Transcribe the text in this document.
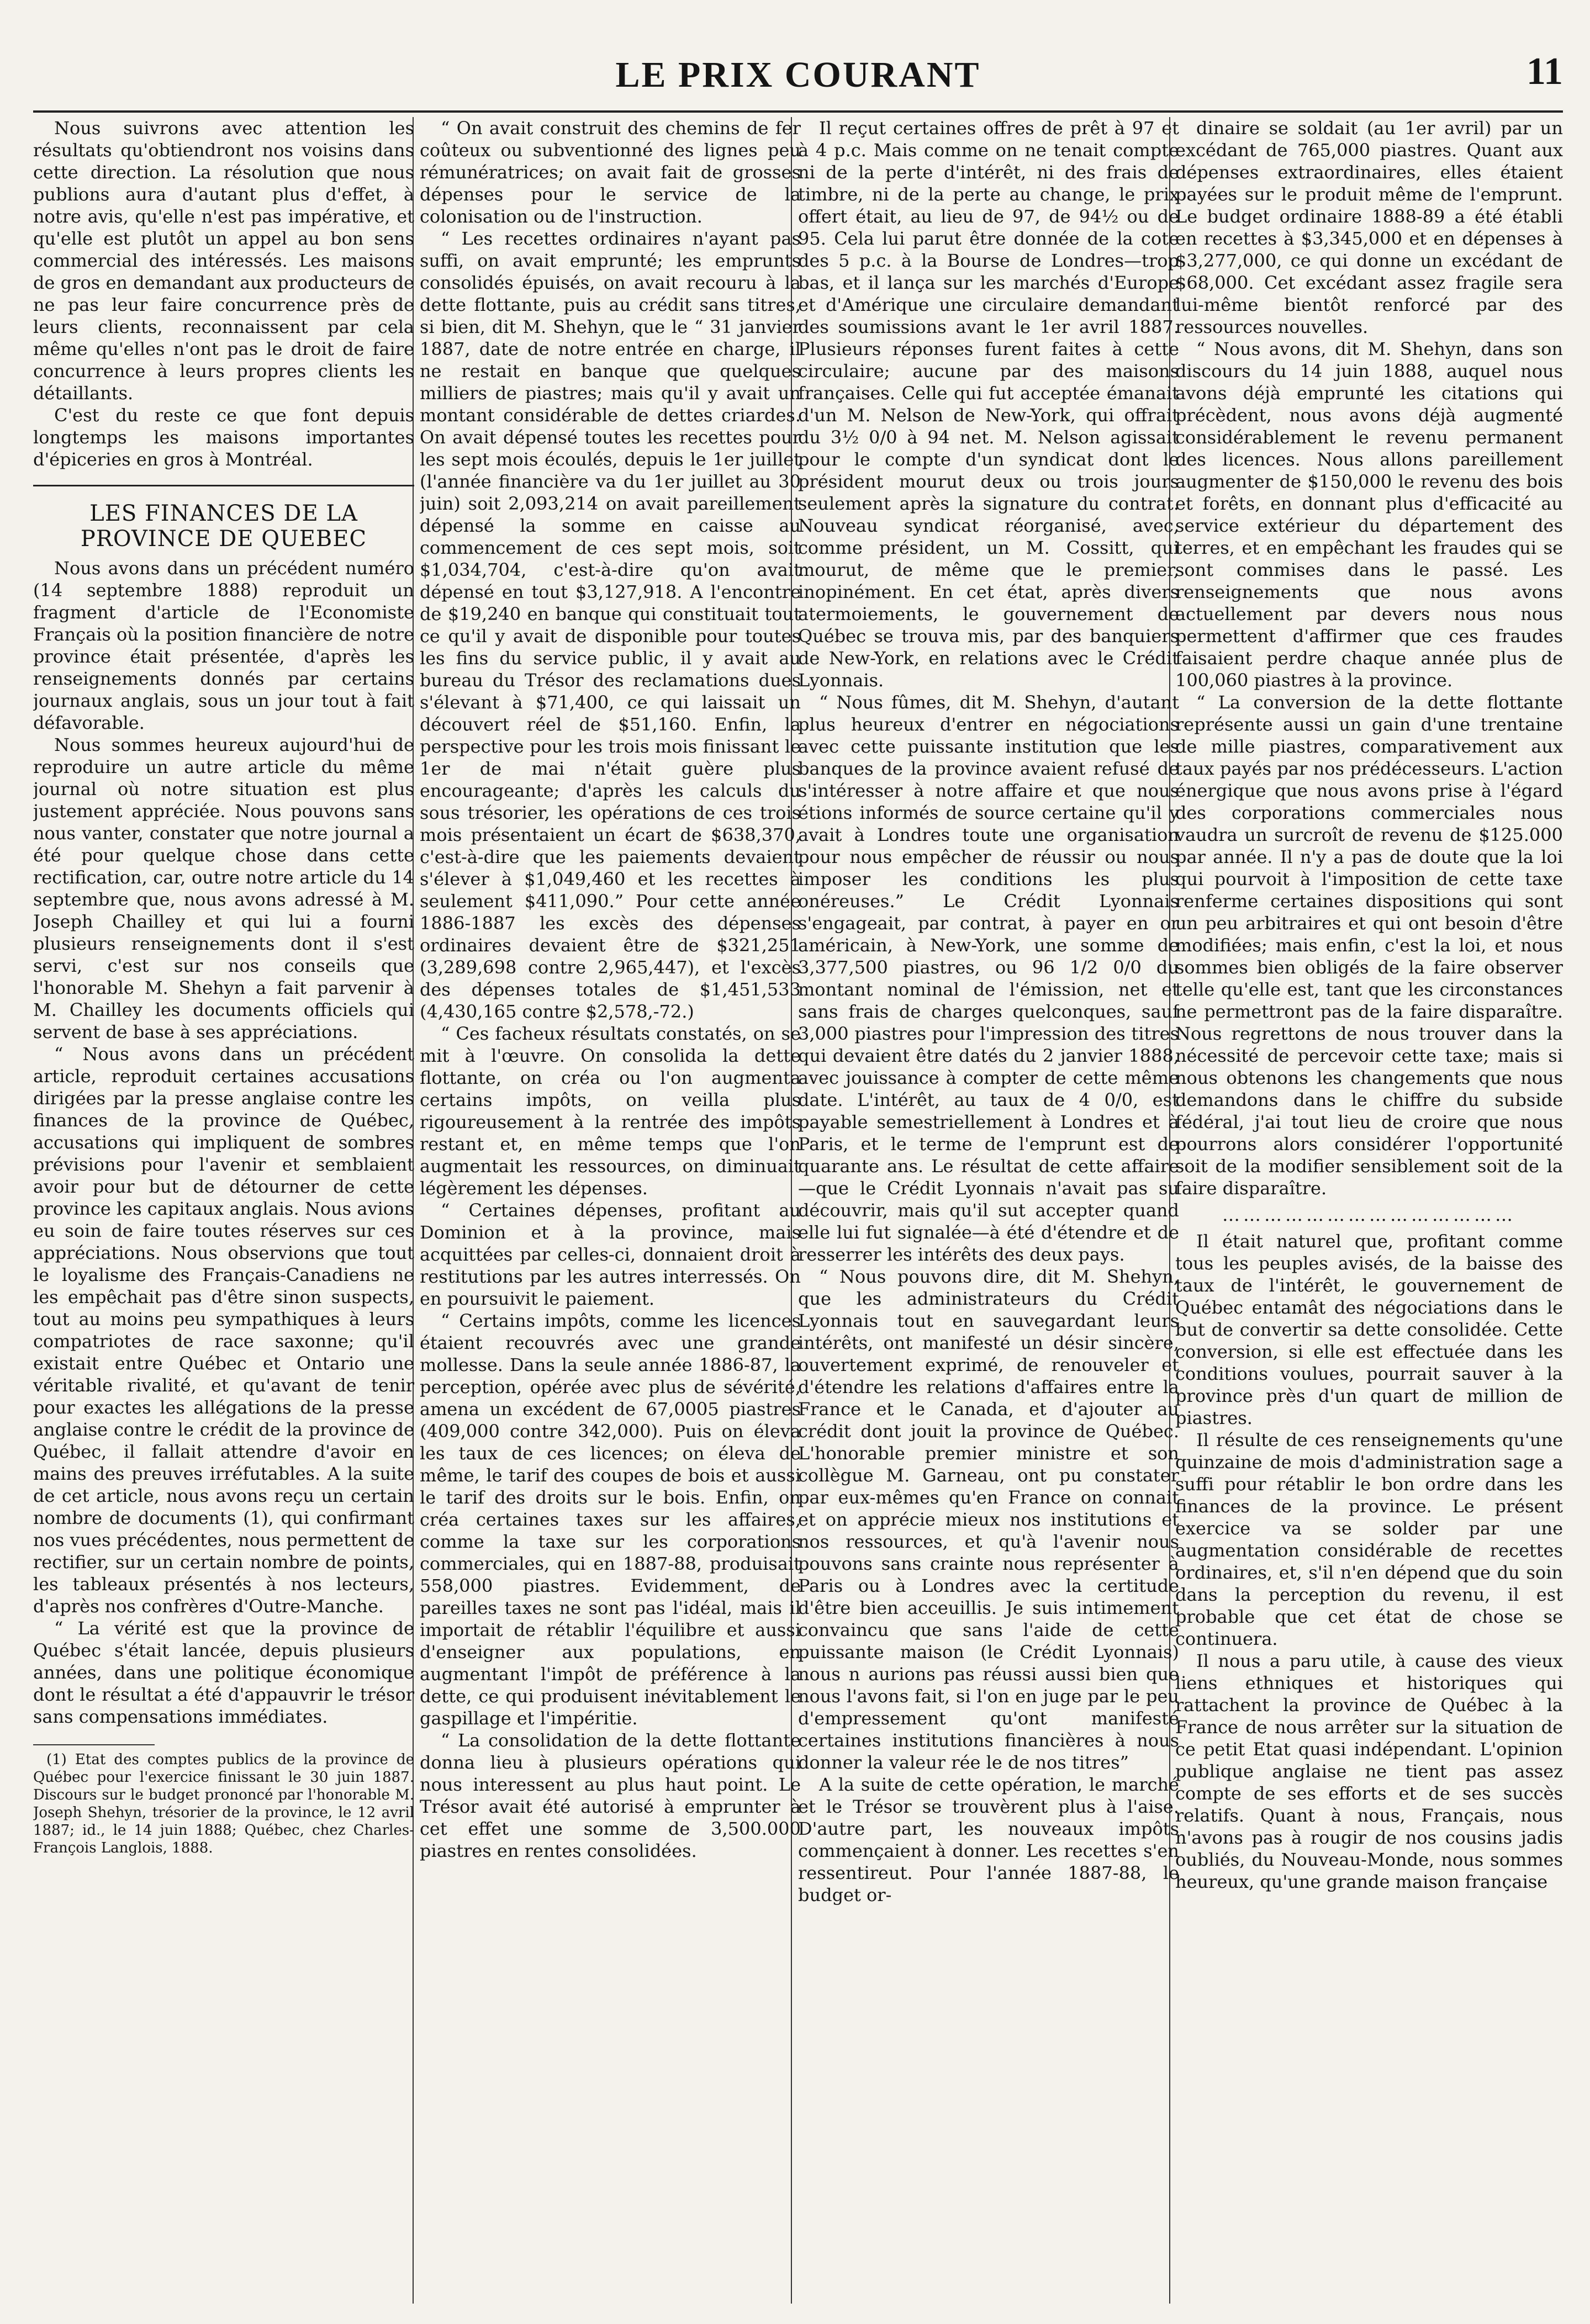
LE PRIX COURANT	11

Nous suivrons avec attention les résultats qu'obtiendront nos voisins dans cette direction. La résolution que nous publions aura d'autant plus d'effet, à notre avis, qu'elle n'est pas impérative, et qu'elle est plutôt un appel au bon sens commercial des intéressés. Les maisons de gros en demandant aux producteurs de ne pas leur faire concurrence près de leurs clients, reconnaissent par cela même qu'elles n'ont pas le droit de faire concurrence à leurs propres clients les détaillants.

C'est du reste ce que font depuis longtemps les maisons importantes d'épiceries en gros à Montréal.

LES FINANCES DE LA PROVINCE DE QUEBEC

Nous avons dans un précédent numéro (14 septembre 1888) reproduit un fragment d'article de l'Economiste Français où la position financière de notre province était présentée, d'après les renseignements donnés par certains journaux anglais, sous un jour tout à fait défavorable.

Nous sommes heureux aujourd'hui de reproduire un autre article du même journal où notre situation est plus justement appréciée. Nous pouvons sans nous vanter, constater que notre journal a été pour quelque chose dans cette rectification, car, outre notre article du 14 septembre que, nous avons adressé à M. Joseph Chailley et qui lui a fourni plusieurs renseignements dont il s'est servi, c'est sur nos conseils que l'honorable M. Shehyn a fait parvenir à M. Chailley les documents officiels qui servent de base à ses appréciations.

“ Nous avons dans un précédent article, reproduit certaines accusations dirigées par la presse anglaise contre les finances de la province de Québec, accusations qui impliquent de sombres prévisions pour l'avenir et semblaient avoir pour but de détourner de cette province les capitaux anglais. Nous avions eu soin de faire toutes réserves sur ces appréciations. Nous observions que tout le loyalisme des Français-Canadiens ne les empêchait pas d'être sinon suspects, tout au moins peu sympathiques à leurs compatriotes de race saxonne; qu'il existait entre Québec et Ontario une véritable rivalité, et qu'avant de tenir pour exactes les allégations de la presse anglaise contre le crédit de la province de Québec, il fallait attendre d'avoir en mains des preuves irréfutables. A la suite de cet article, nous avons reçu un certain nombre de documents (1), qui confirmant nos vues précédentes, nous permettent de rectifier, sur un certain nombre de points, les tableaux présentés à nos lecteurs, d'après nos confrères d'Outre-Manche.

“ La vérité est que la province de Québec s'était lancée, depuis plusieurs années, dans une politique économique dont le résultat a été d'appauvrir le trésor sans compensations immédiates.

(1) Etat des comptes publics de la province de Québec pour l'exercice finissant le 30 juin 1887. Discours sur le budget prononcé par l'honorable M. Joseph Shehyn, trésorier de la province, le 12 avril 1887; id., le 14 juin 1888; Québec, chez Charles-François Langlois, 1888.

“ On avait construit des chemins de fer coûteux ou subventionné des lignes peu rémunératrices; on avait fait de grosses dépenses pour le service de la colonisation ou de l'instruction.

“ Les recettes ordinaires n'ayant pas suffi, on avait emprunté; les emprunts consolidés épuisés, on avait recouru à la dette flottante, puis au crédit sans titres, si bien, dit M. Shehyn, que le “ 31 janvier 1887, date de notre entrée en charge, il ne restait en banque que quelques milliers de piastres; mais qu'il y avait un montant considérable de dettes criardes. On avait dépensé toutes les recettes pour les sept mois écoulés, depuis le 1er juillet (l'année financière va du 1er juillet au 30 juin) soit 2,093,214 on avait pareillement dépensé la somme en caisse au commencement de ces sept mois, soit $1,034,704, c'est-à-dire qu'on avait dépensé en tout $3,127,918. A l'encontre de $19,240 en banque qui constituait tout ce qu'il y avait de disponible pour toutes les fins du service public, il y avait au bureau du Trésor des reclamations dues s'élevant à $71,400, ce qui laissait un découvert réel de $51,160. Enfin, la perspective pour les trois mois finissant le 1er de mai n'était guère plus encourageante; d'après les calculs du sous trésorier, les opérations de ces trois mois présentaient un écart de $638,370, c'est-à-dire que les paiements devaient s'élever à $1,049,460 et les recettes à seulement $411,090.” Pour cette année 1886-1887 les excès des dépenses ordinaires devaient être de $321,251 (3,289,698 contre 2,965,447), et l'excès des dépenses totales de $1,451,533 (4,430,165 contre $2,578,-72.)

“ Ces facheux résultats constatés, on se mit à l'œuvre. On consolida la dette flottante, on créa ou l'on augmenta certains impôts, on veilla plus rigoureusement à la rentrée des impôts restant et, en même temps que l'on augmentait les ressources, on diminuait légèrement les dépenses.

“ Certaines dépenses, profitant au Dominion et à la province, mais acquittées par celles-ci, donnaient droit à restitutions par les autres interressés. On en poursuivit le paiement.

“ Certains impôts, comme les licences étaient recouvrés avec une grande mollesse. Dans la seule année 1886-87, la perception, opérée avec plus de sévérité, amena un excédent de 67,0005 piastres (409,000 contre 342,000). Puis on éleva les taux de ces licences; on éleva de même, le tarif des coupes de bois et aussi le tarif des droits sur le bois. Enfin, on créa certaines taxes sur les affaires, comme la taxe sur les corporations commerciales, qui en 1887-88, produisait 558,000 piastres. Evidemment, de pareilles taxes ne sont pas l'idéal, mais il importait de rétablir l'équilibre et aussi d'enseigner aux populations, en augmentant l'impôt de préférence à la dette, ce qui produisent inévitablement le gaspillage et l'impéritie.

“ La consolidation de la dette flottante donna lieu à plusieurs opérations qui nous interessent au plus haut point. Le Trésor avait été autorisé à emprunter à cet effet une somme de 3,500.000 piastres en rentes consolidées.

Il reçut certaines offres de prêt à 97 et à 4 p.c. Mais comme on ne tenait compte ni de la perte d'intérêt, ni des frais de timbre, ni de la perte au change, le prix offert était, au lieu de 97, de 94½ ou de 95. Cela lui parut être donnée de la cote des 5 p.c. à la Bourse de Londres—trop bas, et il lança sur les marchés d'Europe et d'Amérique une circulaire demandant des soumissions avant le 1er avril 1887. Plusieurs réponses furent faites à cette circulaire; aucune par des maisons françaises. Celle qui fut acceptée émanait d'un M. Nelson de New-York, qui offrait du 3½ 0/0 à 94 net. M. Nelson agissait pour le compte d'un syndicat dont le président mourut deux ou trois jours seulement après la signature du contrat. Nouveau syndicat réorganisé, avec, comme président, un M. Cossitt, qui mourut, de même que le premier, inopinément. En cet état, après divers atermoiements, le gouvernement de Québec se trouva mis, par des banquiers de New-York, en relations avec le Crédit Lyonnais.

“ Nous fûmes, dit M. Shehyn, d'autant plus heureux d'entrer en négociations avec cette puissante institution que les banques de la province avaient refusé de s'intéresser à notre affaire et que nous étions informés de source certaine qu'il y avait à Londres toute une organisation pour nous empêcher de réussir ou nous imposer les conditions les plus onéreuses.” Le Crédit Lyonnais s'engageait, par contrat, à payer en or américain, à New-York, une somme de 3,377,500 piastres, ou 96 1/2 0/0 du montant nominal de l'émission, net et sans frais de charges quelconques, sauf 3,000 piastres pour l'impression des titres qui devaient être datés du 2 janvier 1888, avec jouissance à compter de cette même date. L'intérêt, au taux de 4 0/0, est payable semestriellement à Londres et à Paris, et le terme de l'emprunt est de quarante ans. Le résultat de cette affaire—que le Crédit Lyonnais n'avait pas su découvrir, mais qu'il sut accepter quand elle lui fut signalée—à été d'étendre et de resserrer les intérêts des deux pays.

“ Nous pouvons dire, dit M. Shehyn, que les administrateurs du Crédit Lyonnais tout en sauvegardant leurs intérêts, ont manifesté un désir sincère, ouvertement exprimé, de renouveler et d'étendre les relations d'affaires entre la France et le Canada, et d'ajouter au crédit dont jouit la province de Québec. L'honorable premier ministre et son collègue M. Garneau, ont pu constater par eux-mêmes qu'en France on connait et on apprécie mieux nos institutions et nos ressources, et qu'à l'avenir nous pouvons sans crainte nous représenter à Paris ou à Londres avec la certitude d'être bien acceuillis. Je suis intimement convaincu que sans l'aide de cette puissante maison (le Crédit Lyonnais) nous n aurions pas réussi aussi bien que nous l'avons fait, si l'on en juge par le peu d'empressement qu'ont manifesté certaines institutions financières à nous donner la valeur rée le de nos titres”

A la suite de cette opération, le marché et le Trésor se trouvèrent plus à l'aise. D'autre part, les nouveaux impôts commençaient à donner. Les recettes s'en ressentireut. Pour l'année 1887-88, le budget or-

dinaire se soldait (au 1er avril) par un excédant de 765,000 piastres. Quant aux dépenses extraordinaires, elles étaient payées sur le produit même de l'emprunt. Le budget ordinaire 1888-89 a été établi en recettes à $3,345,000 et en dépenses à $3,277,000, ce qui donne un excédant de $68,000. Cet excédant assez fragile sera lui-même bientôt renforcé par des ressources nouvelles.

“ Nous avons, dit M. Shehyn, dans son discours du 14 juin 1888, auquel nous avons déjà emprunté les citations qui précèdent, nous avons déjà augmenté considérablement le revenu permanent des licences. Nous allons pareillement augmenter de $150,000 le revenu des bois et forêts, en donnant plus d'efficacité au service extérieur du département des terres, et en empêchant les fraudes qui se sont commises dans le passé. Les renseignements que nous avons actuellement par devers nous nous permettent d'affirmer que ces fraudes faisaient perdre chaque année plus de 100,060 piastres à la province.

“ La conversion de la dette flottante représente aussi un gain d'une trentaine de mille piastres, comparativement aux taux payés par nos prédécesseurs. L'action énergique que nous avons prise à l'égard des corporations commerciales nous vaudra un surcroît de revenu de $125.000 par année. Il n'y a pas de doute que la loi qui pourvoit à l'imposition de cette taxe renferme certaines dispositions qui sont un peu arbitraires et qui ont besoin d'être modifiées; mais enfin, c'est la loi, et nous sommes bien obligés de la faire observer telle qu'elle est, tant que les circonstances ne permettront pas de la faire disparaître. Nous regrettons de nous trouver dans la nécessité de percevoir cette taxe; mais si nous obtenons les changements que nous demandons dans le chiffre du subside fédéral, j'ai tout lieu de croire que nous pourrons alors considérer l'opportunité soit de la modifier sensiblement soit de la faire disparaître.

……………………………………

Il était naturel que, profitant comme tous les peuples avisés, de la baisse des taux de l'intérêt, le gouvernement de Québec entamât des négociations dans le but de convertir sa dette consolidée. Cette conversion, si elle est effectuée dans les conditions voulues, pourrait sauver à la province près d'un quart de million de piastres.

Il résulte de ces renseignements qu'une quinzaine de mois d'administration sage a suffi pour rétablir le bon ordre dans les finances de la province. Le présent exercice va se solder par une augmentation considérable de recettes ordinaires, et, s'il n'en dépend que du soin dans la perception du revenu, il est probable que cet état de chose se continuera.

Il nous a paru utile, à cause des vieux liens ethniques et historiques qui rattachent la province de Québec à la France de nous arrêter sur la situation de ce petit Etat quasi indépendant. L'opinion publique anglaise ne tient pas assez compte de ses efforts et de ses succès relatifs. Quant à nous, Français, nous n'avons pas à rougir de nos cousins jadis oubliés, du Nouveau-Monde, nous sommes heureux, qu'une grande maison française
